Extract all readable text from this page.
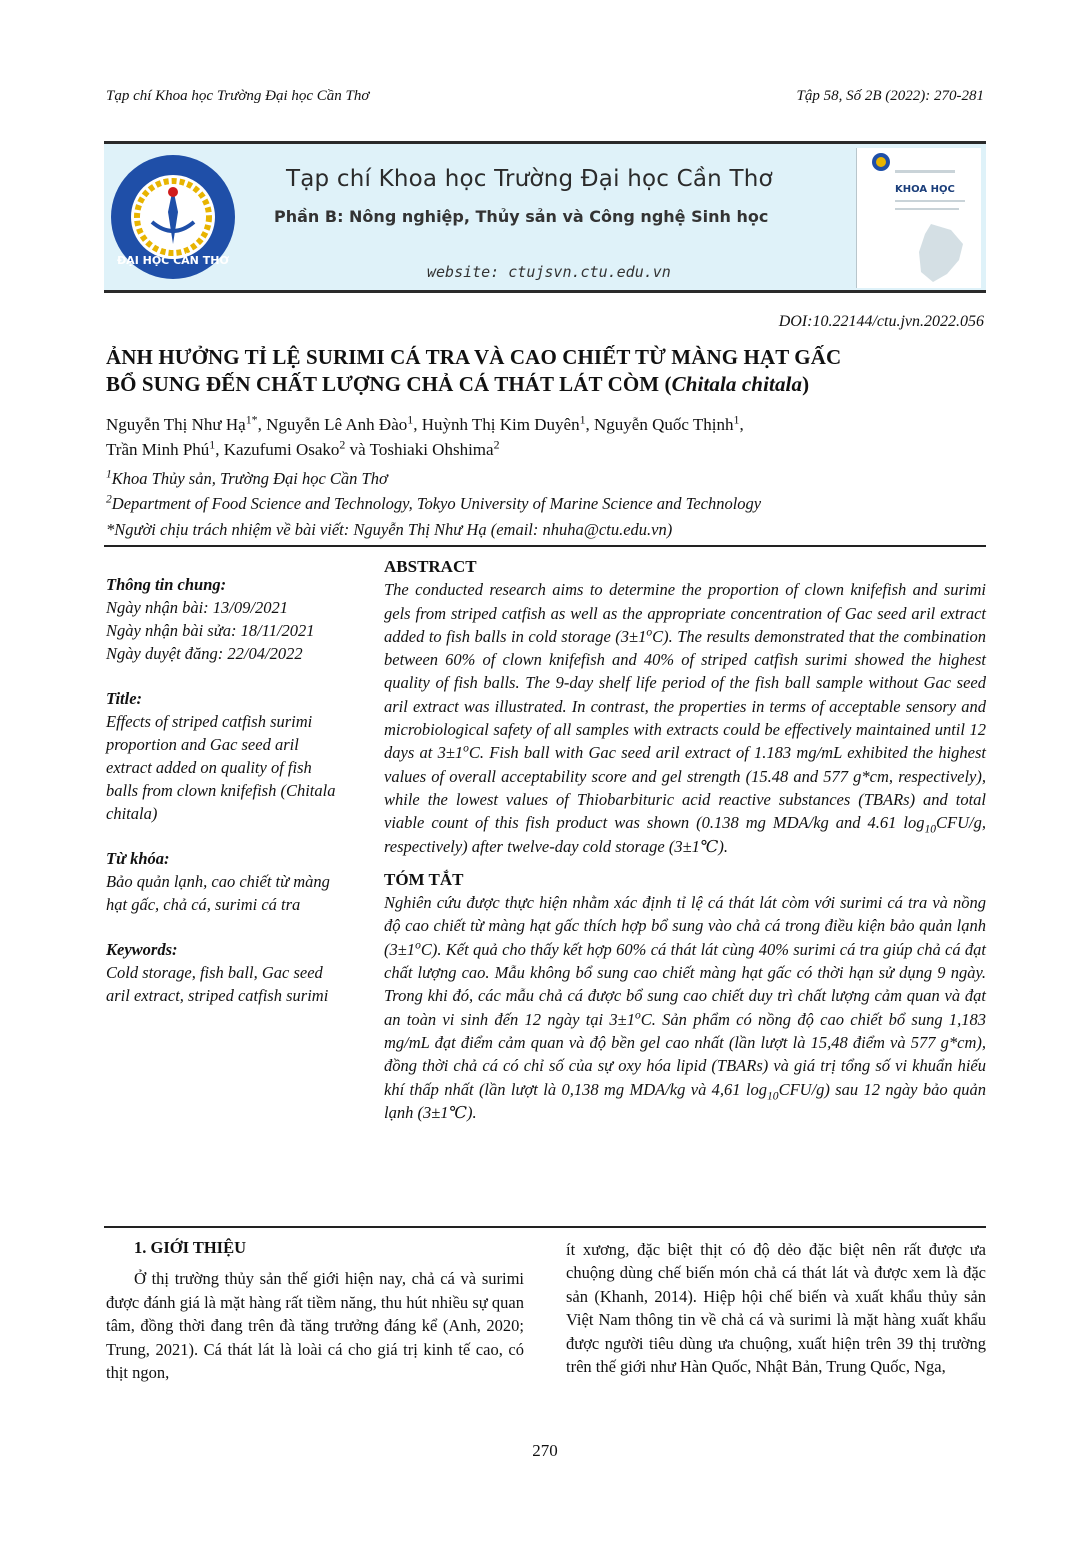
Tạp chí Khoa học Trường Đại học Cần Thơ	Tập 58, Số 2B (2022): 270-281
ĐẠI HỌC CẦN THƠ
Tạp chí Khoa học Trường Đại học Cần Thơ
Phần B: Nông nghiệp, Thủy sản và Công nghệ Sinh học
website: ctujsvn.ctu.edu.vn
KHOA HỌC
DOI:10.22144/ctu.jvn.2022.056
ẢNH HƯỞNG TỈ LỆ SURIMI CÁ TRA VÀ CAO CHIẾT TỪ MÀNG HẠT GẤC
BỔ SUNG ĐẾN CHẤT LƯỢNG CHẢ CÁ THÁT LÁT CÒM (Chitala chitala)
Nguyễn Thị Như Hạ$^{1*}$, Nguyễn Lê Anh Đào$^1$, Huỳnh Thị Kim Duyên$^1$, Nguyễn Quốc Thịnh$^1$,
Trần Minh Phú$^1$, Kazufumi Osako$^2$ và Toshiaki Ohshima$^2$
$^1$Khoa Thủy sản, Trường Đại học Cần Thơ
$^2$Department of Food Science and Technology, Tokyo University of Marine Science and Technology
*Người chịu trách nhiệm về bài viết: Nguyễn Thị Như Hạ (email: nhuha@ctu.edu.vn)
Thông tin chung:
Ngày nhận bài: 13/09/2021
Ngày nhận bài sửa: 18/11/2021
Ngày duyệt đăng: 22/04/2022
Title:
Effects of striped catfish surimi proportion and Gac seed aril extract added on quality of fish balls from clown knifefish (Chitala chitala)
Từ khóa:
Bảo quản lạnh, cao chiết từ màng hạt gấc, chả cá, surimi cá tra
Keywords:
Cold storage, fish ball, Gac seed aril extract, striped catfish surimi
ABSTRACT
The conducted research aims to determine the proportion of clown knifefish and surimi gels from striped catfish as well as the appropriate concentration of Gac seed aril extract added to fish balls in cold storage $(3\pm 1^oC)$. The results demonstrated that the combination between 60% of clown knifefish and 40% of striped catfish surimi showed the highest quality of fish balls. The 9-day shelf life period of the fish ball sample without Gac seed aril extract was illustrated. In contrast, the properties in terms of acceptable sensory and microbiological safety of all samples with extracts could be effectively maintained until 12 days at $3\pm 1^oC$. Fish ball with Gac seed aril extract of 1.183 mg/mL exhibited the highest values of overall acceptability score and gel strength (15.48 and 577 g*cm, respectively), while the lowest values of Thiobarbituric acid reactive substances (TBARs) and total viable count of this fish product was shown (0.138 mg MDA/kg and 4.61 $\log_{10}CFU/g$, respectively) after twelve-day cold storage (3±1℃).
TÓM TẮT
Nghiên cứu được thực hiện nhằm xác định tỉ lệ cá thát lát còm với surimi cá tra và nồng độ cao chiết từ màng hạt gấc thích hợp bổ sung vào chả cá trong điều kiện bảo quản lạnh $(3\pm 1^oC)$. Kết quả cho thấy kết hợp 60% cá thát lát cùng 40% surimi cá tra giúp chả cá đạt chất lượng cao. Mẫu không bổ sung cao chiết màng hạt gấc có thời hạn sử dụng 9 ngày. Trong khi đó, các mẫu chả cá được bổ sung cao chiết duy trì chất lượng cảm quan và đạt an toàn vi sinh đến 12 ngày tại $3\pm 1^oC$. Sản phẩm có nồng độ cao chiết bổ sung 1,183 mg/mL đạt điểm cảm quan và độ bền gel cao nhất (lần lượt là 15,48 điểm và 577 g*cm), đồng thời chả cá có chỉ số của sự oxy hóa lipid (TBARs) và giá trị tổng số vi khuẩn hiếu khí thấp nhất (lần lượt là 0,138 mg MDA/kg và 4,61 $\log_{10}CFU/g$) sau 12 ngày bảo quản lạnh (3±1℃).
1. GIỚI THIỆU
Ở thị trường thủy sản thế giới hiện nay, chả cá và surimi được đánh giá là mặt hàng rất tiềm năng, thu hút nhiều sự quan tâm, đồng thời đang trên đà tăng trưởng đáng kể (Anh, 2020; Trung, 2021). Cá thát lát là loài cá cho giá trị kinh tế cao, có thịt ngon,
ít xương, đặc biệt thịt có độ dẻo đặc biệt nên rất được ưa chuộng dùng chế biến món chả cá thát lát và được xem là đặc sản (Khanh, 2014). Hiệp hội chế biến và xuất khẩu thủy sản Việt Nam thông tin về chả cá và surimi là mặt hàng xuất khẩu được người tiêu dùng ưa chuộng, xuất hiện trên 39 thị trường trên thế giới như Hàn Quốc, Nhật Bản, Trung Quốc, Nga,
270
